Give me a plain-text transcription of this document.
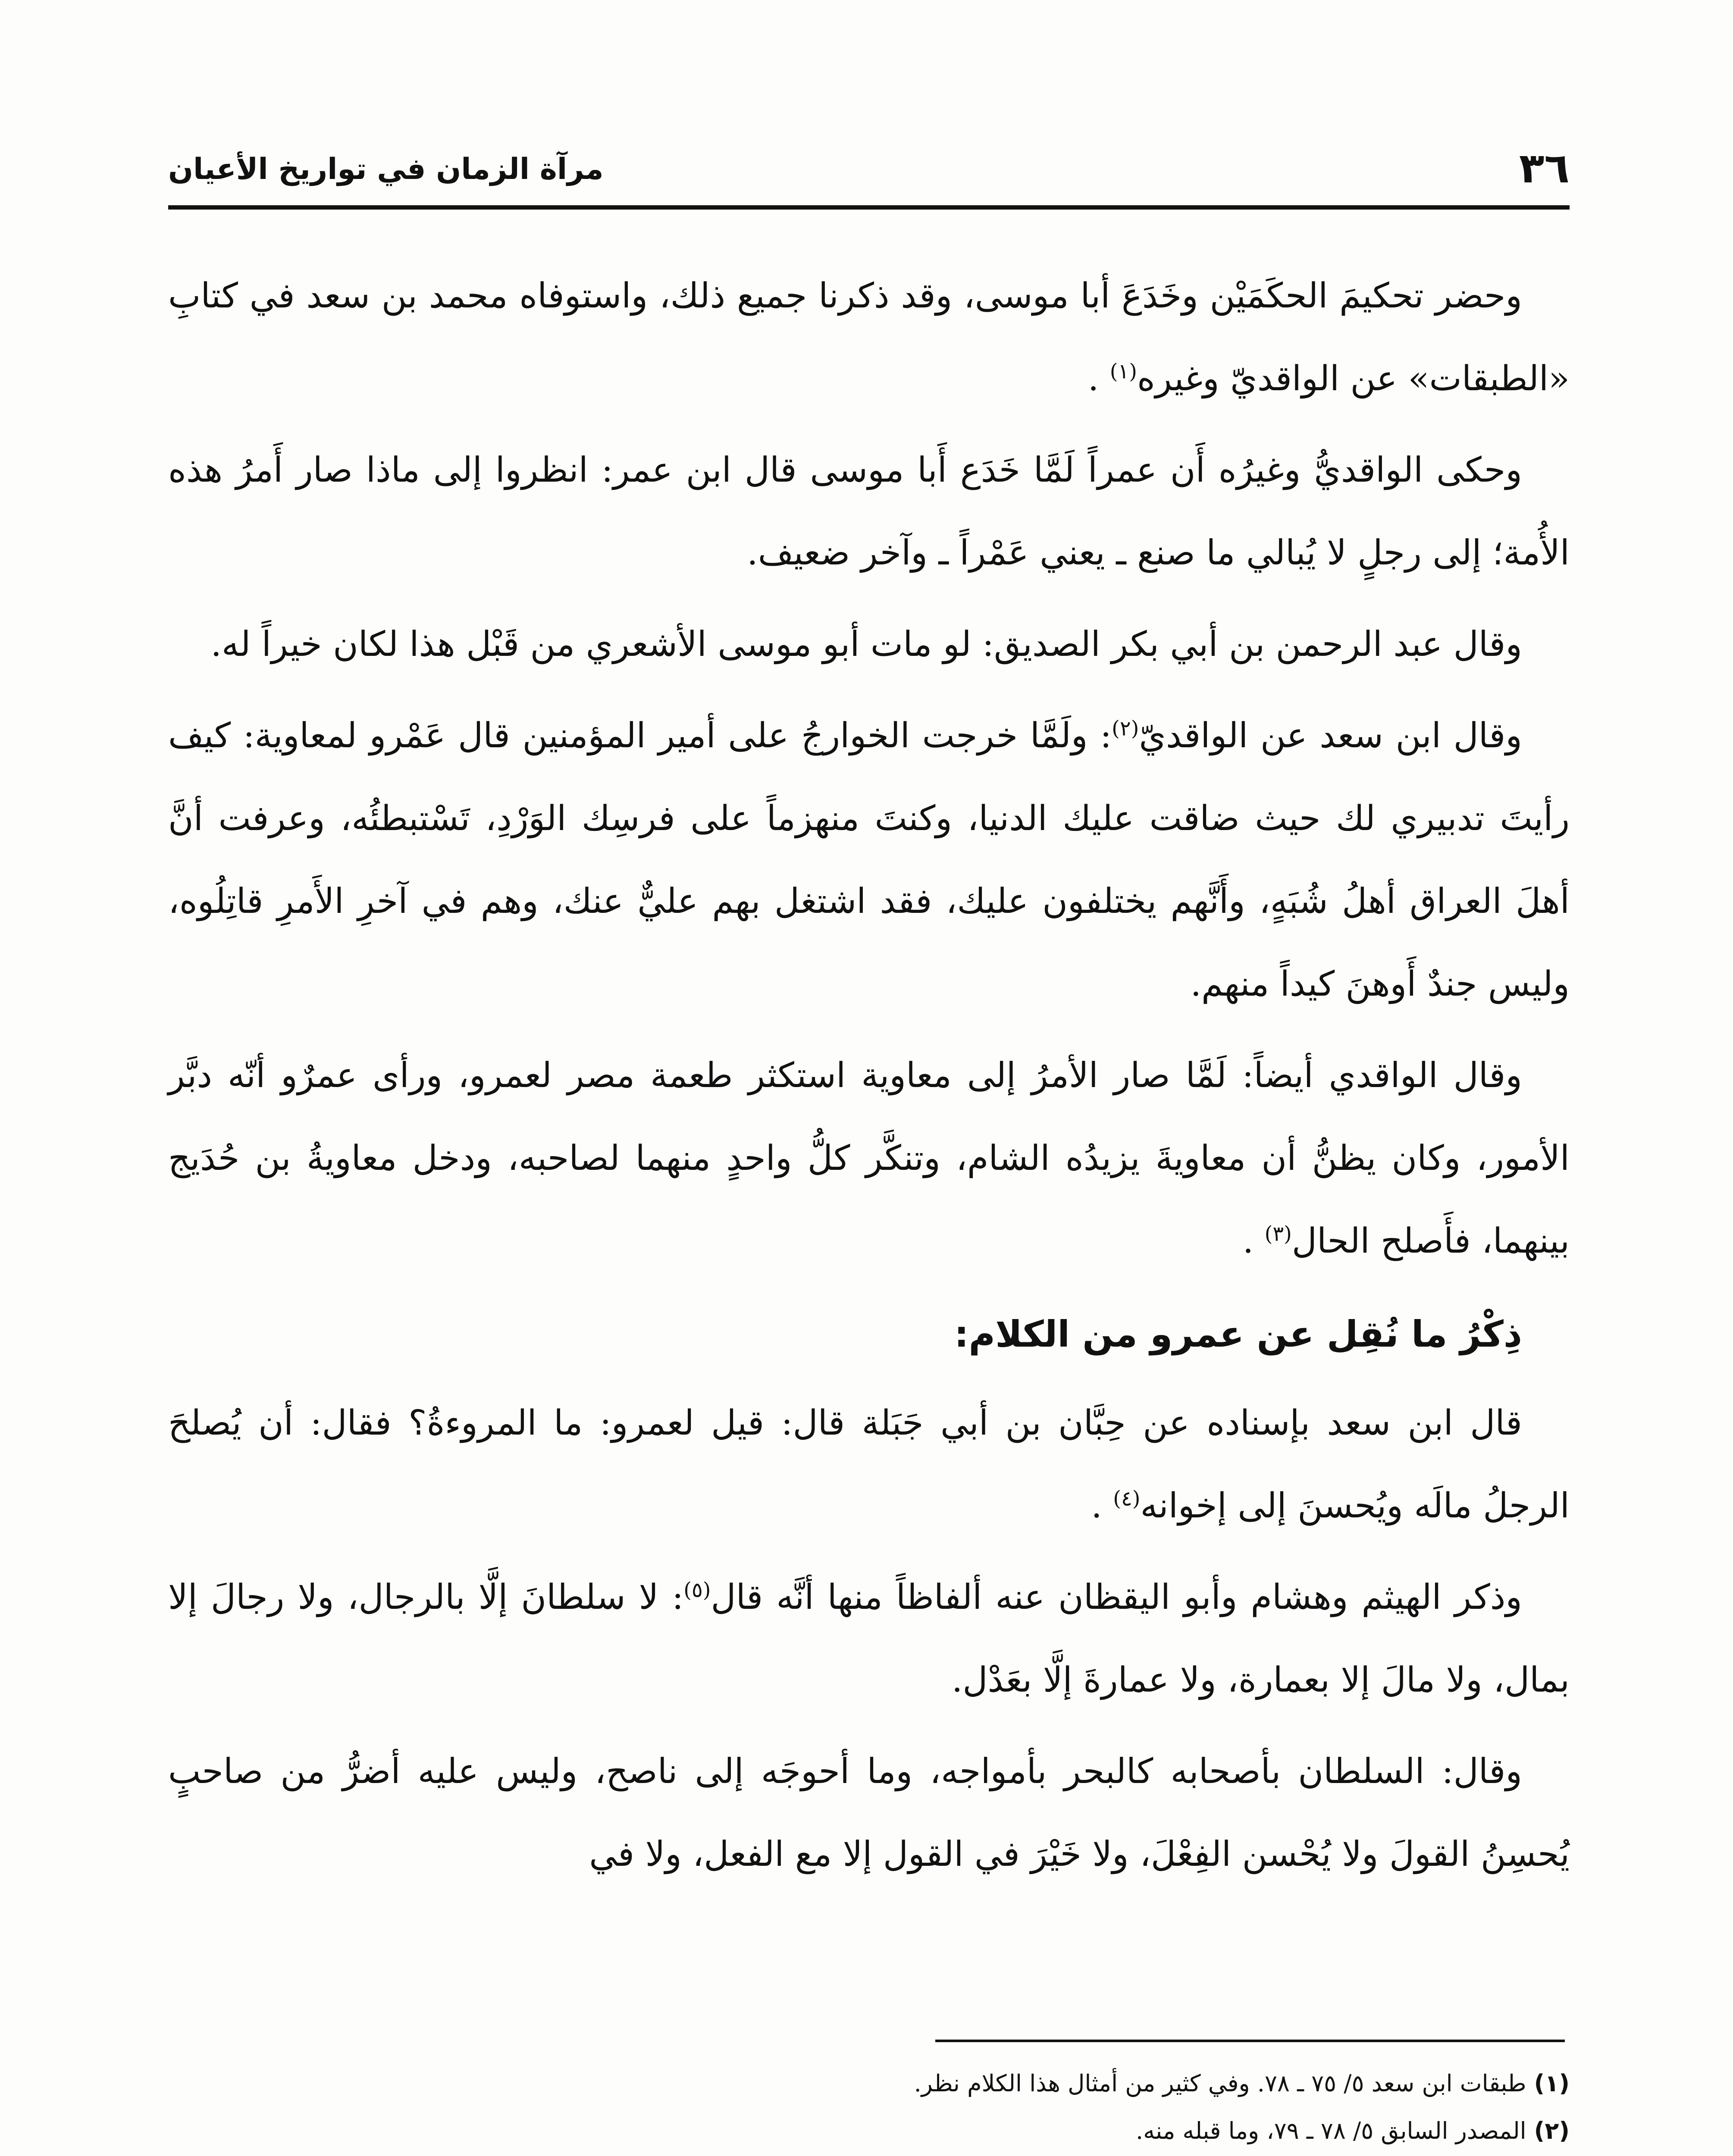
٣٦
مرآة الزمان في تواريخ الأعيان

وحضر تحكيمَ الحكَمَيْن وخَدَعَ أبا موسى، وقد ذكرنا جميع ذلك، واستوفاه محمد بن سعد في كتابِ «الطبقات» عن الواقديّ وغيره$^{(١)}$ .

وحكى الواقديُّ وغيرُه أَن عمراً لَمَّا خَدَع أَبا موسى قال ابن عمر: انظروا إلى ماذا صار أَمرُ هذه الأُمة؛ إلى رجلٍ لا يُبالي ما صنع ـ يعني عَمْراً ـ وآخر ضعيف.

وقال عبد الرحمن بن أبي بكر الصديق: لو مات أبو موسى الأشعري من قَبْل هذا لكان خيراً له.

وقال ابن سعد عن الواقديّ$^{(٢)}$: ولَمَّا خرجت الخوارجُ على أمير المؤمنين قال عَمْرو لمعاوية: كيف رأيتَ تدبيري لك حيث ضاقت عليك الدنيا، وكنتَ منهزماً على فرسِك الوَرْدِ، تَسْتبطئُه، وعرفت أنَّ أهلَ العراق أهلُ شُبَهٍ، وأَنَّهم يختلفون عليك، فقد اشتغل بهم عليٌّ عنك، وهم في آخرِ الأَمرِ قاتِلُوه، وليس جندٌ أَوهنَ كيداً منهم.

وقال الواقدي أيضاً: لَمَّا صار الأمرُ إلى معاوية استكثر طعمة مصر لعمرو، ورأى عمرٌو أنّه دبَّر الأمور، وكان يظنُّ أن معاويةَ يزيدُه الشام، وتنكَّر كلُّ واحدٍ منهما لصاحبه، ودخل معاويةُ بن حُدَيج بينهما، فأَصلح الحال$^{(٣)}$ .

ذِكْرُ ما نُقِل عن عمرو من الكلام:

قال ابن سعد بإسناده عن حِبَّان بن أبي جَبَلة قال: قيل لعمرو: ما المروءةُ؟ فقال: أن يُصلحَ الرجلُ مالَه ويُحسنَ إلى إخوانه$^{(٤)}$ .

وذكر الهيثم وهشام وأبو اليقظان عنه ألفاظاً منها أنَّه قال$^{(٥)}$: لا سلطانَ إلَّا بالرجال، ولا رجالَ إلا بمال، ولا مالَ إلا بعمارة، ولا عمارةَ إلَّا بعَدْل.

وقال: السلطان بأصحابه كالبحر بأمواجه، وما أحوجَه إلى ناصح، وليس عليه أضرُّ من صاحبٍ يُحسِنُ القولَ ولا يُحْسن الفِعْلَ، ولا خَيْرَ في القول إلا مع الفعل، ولا في

(١)طبقات ابن سعد ٥/ ٧٥ ـ ٧٨. وفي كثير من أمثال هذا الكلام نظر.

(٢)المصدر السابق ٥/ ٧٨ ـ ٧٩، وما قبله منه.
